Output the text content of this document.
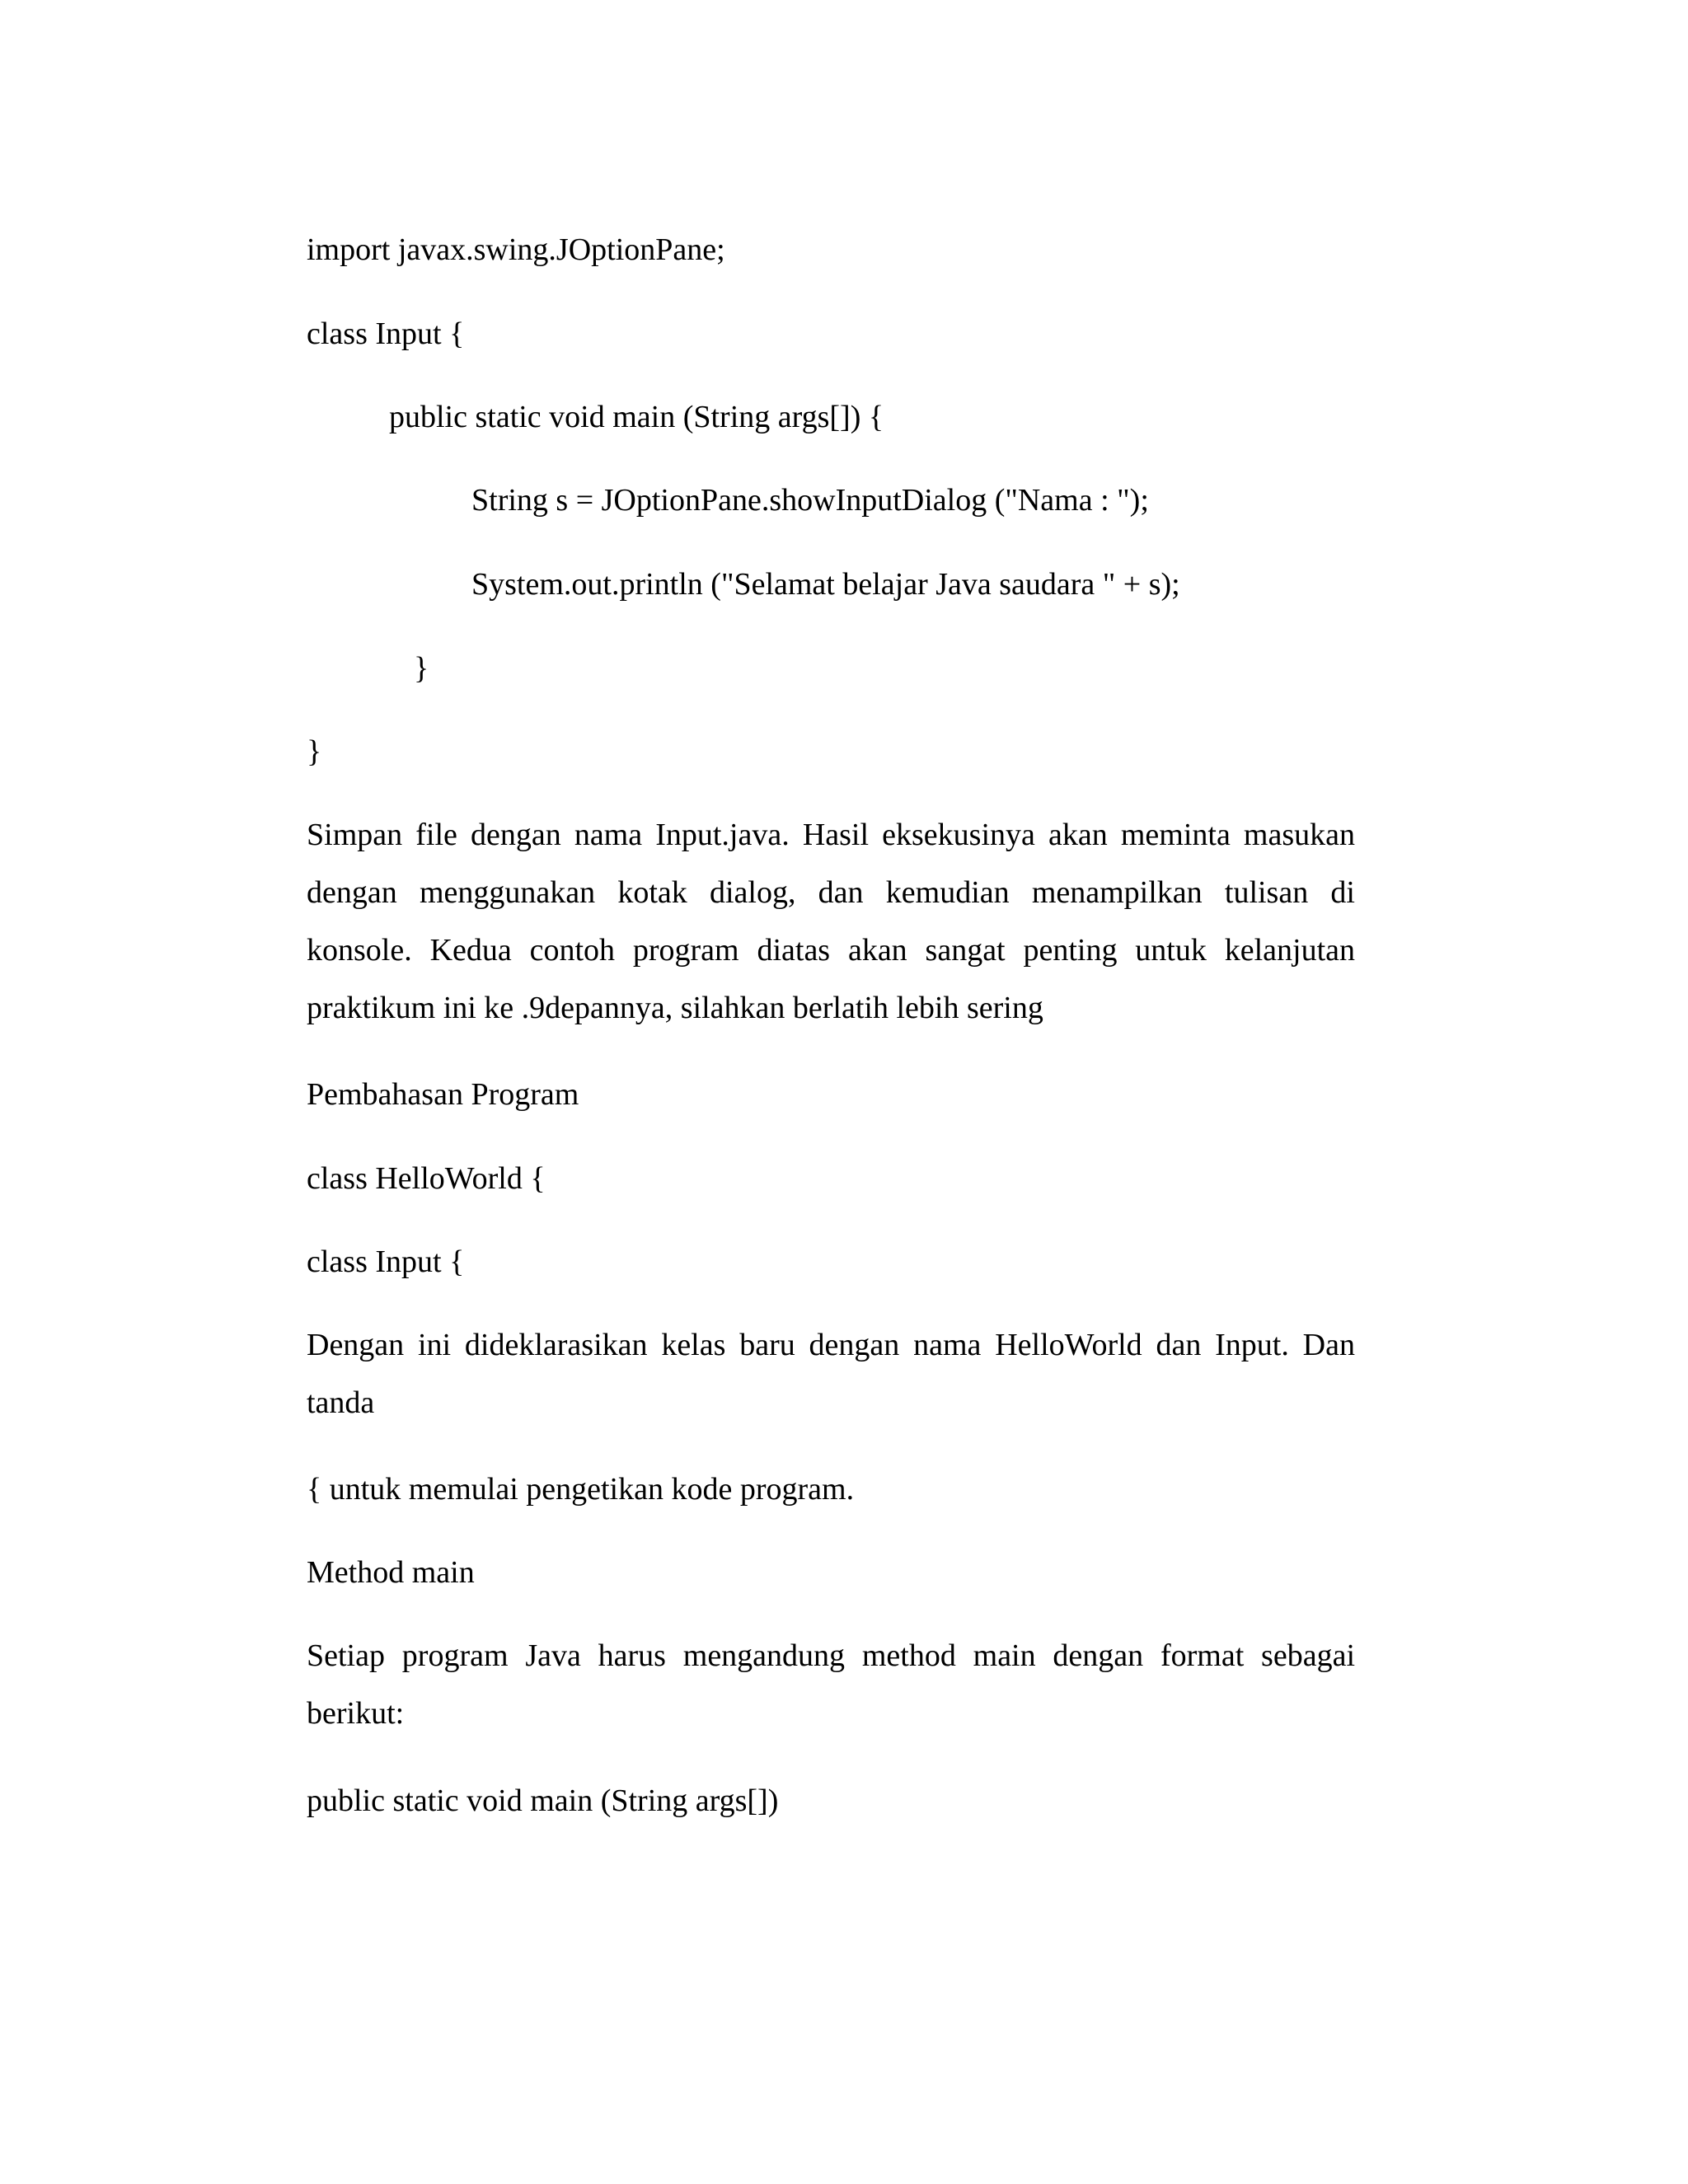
import javax.swing.JOptionPane;
class Input {
public static void main (String args[]) {
String s = JOptionPane.showInputDialog ("Nama : ");
System.out.println ("Selamat belajar Java saudara " + s);
}
}
Simpan file dengan nama Input.java. Hasil eksekusinya akan meminta masukan
dengan menggunakan kotak dialog, dan kemudian menampilkan tulisan di
konsole. Kedua contoh program diatas akan sangat penting untuk kelanjutan
praktikum ini ke .9depannya, silahkan berlatih lebih sering
Pembahasan Program
class HelloWorld {
class Input {
Dengan ini dideklarasikan kelas baru dengan nama HelloWorld dan Input. Dan
tanda
{ untuk memulai pengetikan kode program.
Method main
Setiap program Java harus mengandung method main dengan format sebagai
berikut:
public static void main (String args[])
